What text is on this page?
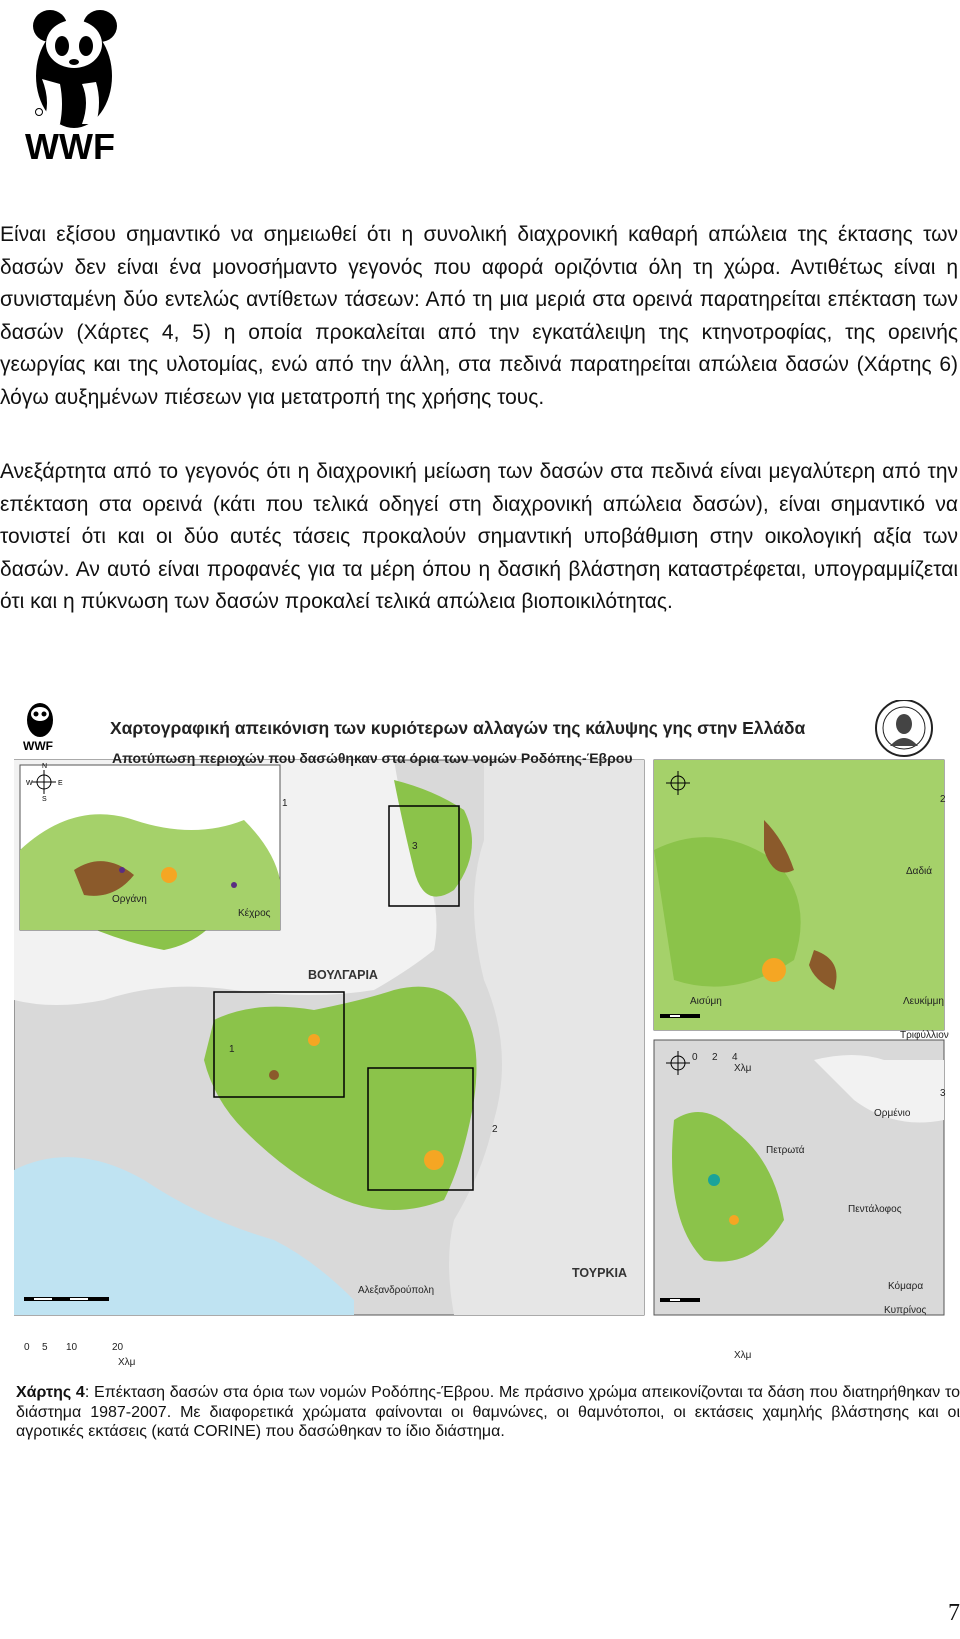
WWF

Είναι εξίσου σημαντικό να σημειωθεί ότι η συνολική διαχρονική καθαρή απώλεια της έκτασης των δασών δεν είναι ένα μονοσήμαντο γεγονός που αφορά οριζόντια όλη τη χώρα. Αντιθέτως είναι η συνισταμένη δύο εντελώς αντίθετων τάσεων: Από τη μια μεριά στα ορεινά παρατηρείται επέκταση των δασών (Χάρτες 4, 5) η οποία προκαλείται από την εγκατάλειψη της κτηνοτροφίας, της ορεινής γεωργίας και της υλοτομίας, ενώ από την άλλη, στα πεδινά παρατηρείται απώλεια δασών (Χάρτης 6) λόγω αυξημένων πιέσεων για μετατροπή της χρήσης τους.

Ανεξάρτητα από το γεγονός ότι η διαχρονική μείωση των δασών στα πεδινά είναι μεγαλύτερη από την επέκταση στα ορεινά (κάτι που τελικά οδηγεί στη διαχρονική απώλεια δασών), είναι σημαντικό να τονιστεί ότι και οι δύο αυτές τάσεις προκαλούν σημαντική υποβάθμιση στην οικολογική αξία των δασών. Αν αυτό είναι προφανές για τα μέρη όπου η δασική βλάστηση καταστρέφεται, υπογραμμίζεται ότι και η πύκνωση των δασών προκαλεί τελικά απώλεια βιοποικιλότητας.

WWF
N
S
E
W
Χαρτογραφική απεικόνιση των κυριότερων αλλαγών της κάλυψης γης στην Ελλάδα
Αποτύπωση περιοχών που δασώθηκαν στα όρια των νομών Ροδόπης-Έβρου
ΒΟΥΛΓΑΡΙΑ
ΤΟΥΡΚΙΑ
Οργάνη
Κέχρος
Αλεξανδρούπολη
Δαδιά
Αισύμη	Λευκίμμη
Τριφύλλιον
Ορμένιο
Πετρωτά
Πεντάλοφος
Κόμαρα
Κυπρίνος
1	2
3
3
1
2
0 5 10	20
Χλμ
0 2 4
Χλμ
Χλμ

Χάρτης 4: Επέκταση δασών στα όρια των νομών Ροδόπης-Έβρου. Με πράσινο χρώμα απεικονίζονται τα δάση που διατηρήθηκαν το διάστημα 1987-2007. Με διαφορετικά χρώματα φαίνονται οι θαμνώνες, οι θαμνότοποι, οι εκτάσεις χαμηλής βλάστησης και οι αγροτικές εκτάσεις (κατά CORINE) που δασώθηκαν το ίδιο διάστημα.

7
